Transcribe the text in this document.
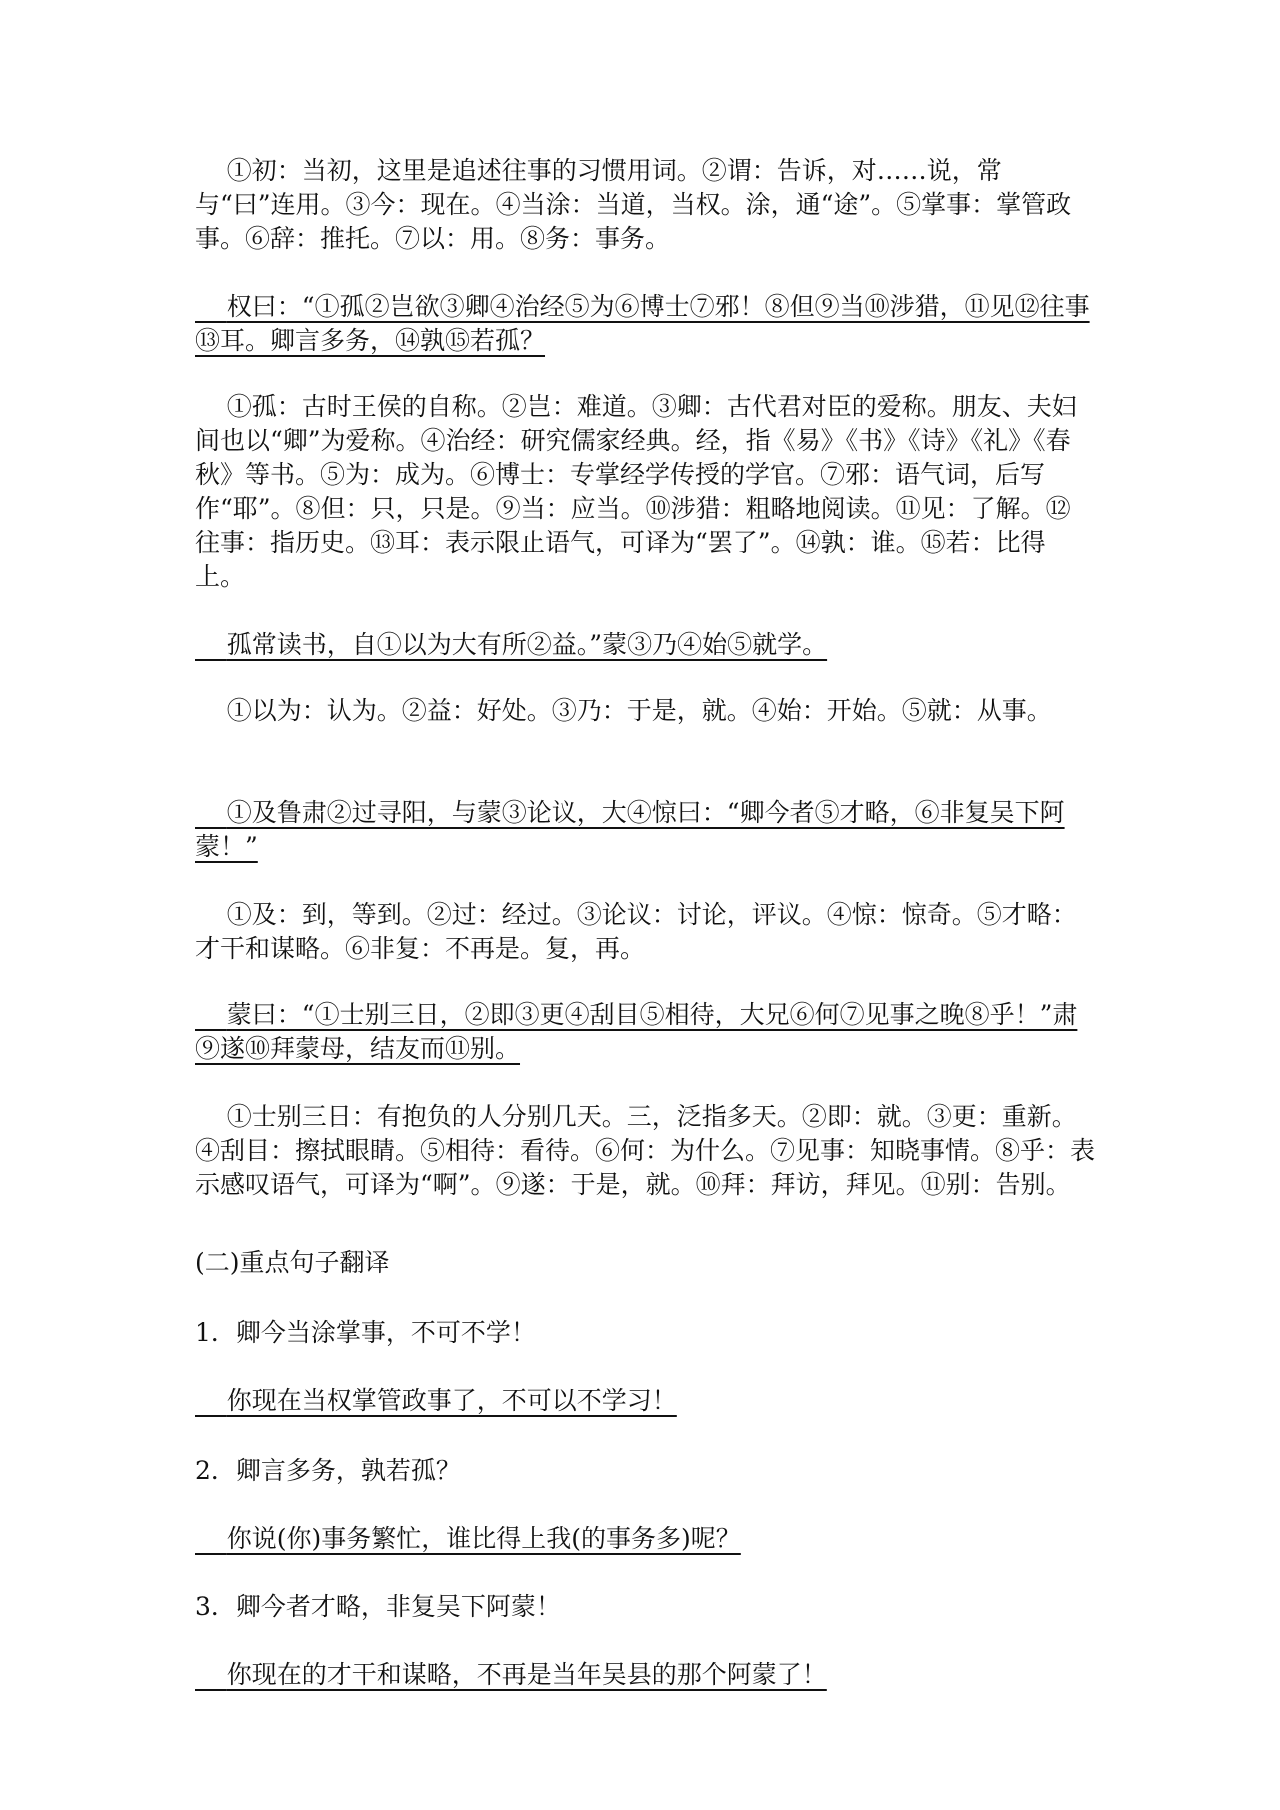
①初：当初，这里是追述往事的习惯用词。②谓：告诉，对……说，常与“曰”连用。③今：现在。④当涂：当道，当权。涂，通“途”。⑤掌事：掌管政事。⑥辞：推托。⑦以：用。⑧务：事务。

权曰：“①孤②岂欲③卿④治经⑤为⑥博士⑦邪！⑧但⑨当⑩涉猎，⑪见⑫往事⑬耳。卿言多务，⑭孰⑮若孤？

①孤：古时王侯的自称。②岂：难道。③卿：古代君对臣的爱称。朋友、夫妇间也以“卿”为爱称。④治经：研究儒家经典。经，指《易》《书》《诗》《礼》《春秋》等书。⑤为：成为。⑥博士：专掌经学传授的学官。⑦邪：语气词，后写作“耶”。⑧但：只，只是。⑨当：应当。⑩涉猎：粗略地阅读。⑪见：了解。⑫往事：指历史。⑬耳：表示限止语气，可译为“罢了”。⑭孰：谁。⑮若：比得上。

孤常读书，自①以为大有所②益。”蒙③乃④始⑤就学。

①以为：认为。②益：好处。③乃：于是，就。④始：开始。⑤就：从事。

①及鲁肃②过寻阳，与蒙③论议，大④惊曰：“卿今者⑤才略，⑥非复吴下阿蒙！”

①及：到，等到。②过：经过。③论议：讨论，评议。④惊：惊奇。⑤才略：才干和谋略。⑥非复：不再是。复，再。

蒙曰：“①士别三日，②即③更④刮目⑤相待，大兄⑥何⑦见事之晚⑧乎！”肃⑨遂⑩拜蒙母，结友而⑪别。

①士别三日：有抱负的人分别几天。三，泛指多天。②即：就。③更：重新。④刮目：擦拭眼睛。⑤相待：看待。⑥何：为什么。⑦见事：知晓事情。⑧乎：表示感叹语气，可译为“啊”。⑨遂：于是，就。⑩拜：拜访，拜见。⑪别：告别。

(二)重点句子翻译

1．卿今当涂掌事，不可不学！

你现在当权掌管政事了，不可以不学习！

2．卿言多务，孰若孤？

你说(你)事务繁忙，谁比得上我(的事务多)呢？

3．卿今者才略，非复吴下阿蒙！

你现在的才干和谋略，不再是当年吴县的那个阿蒙了！
